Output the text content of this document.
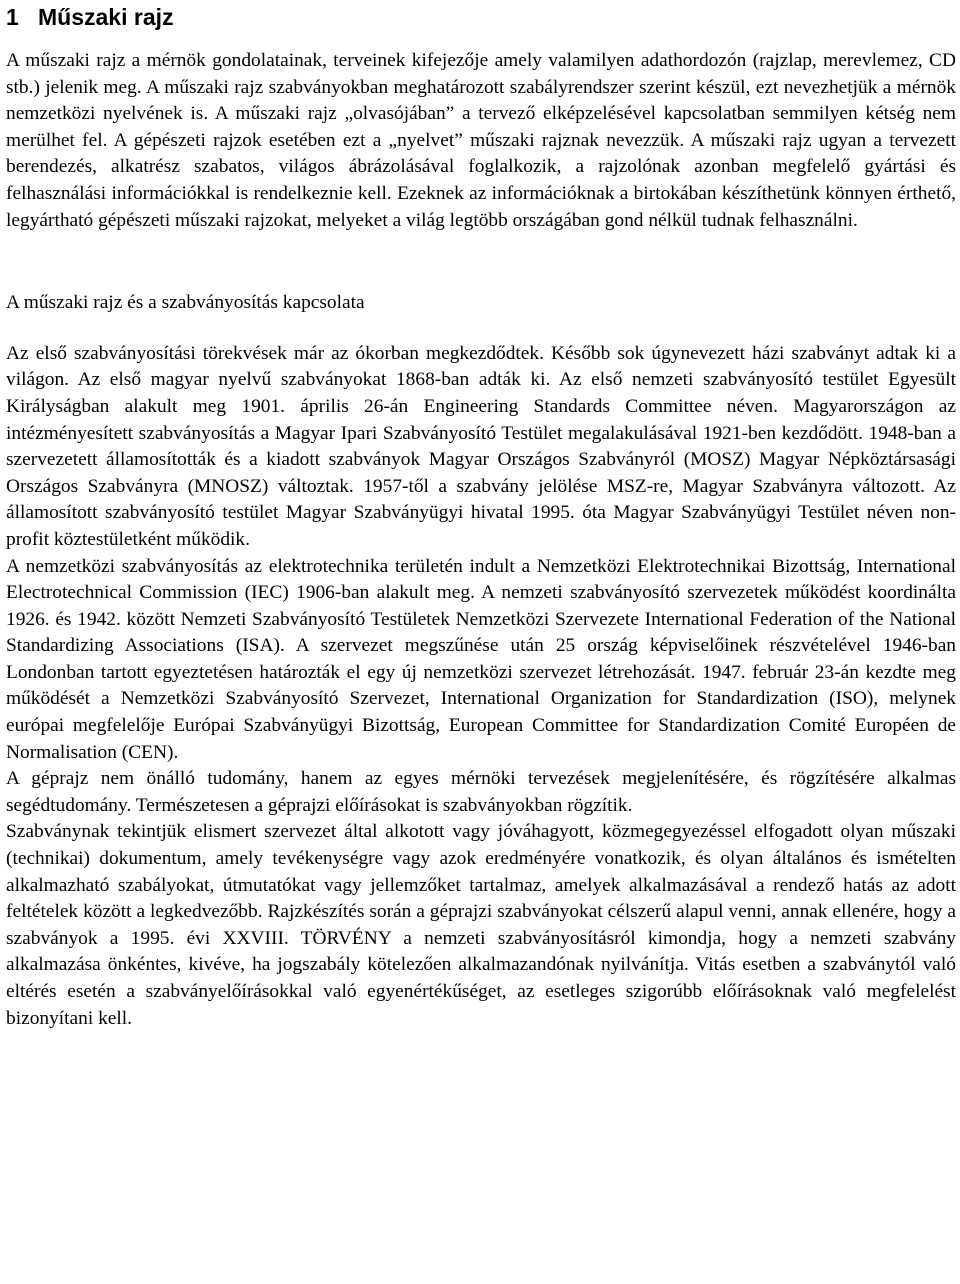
1 Műszaki rajz

A műszaki rajz a mérnök gondolatainak, terveinek kifejezője amely valamilyen adathordozón (rajzlap, merevlemez, CD stb.) jelenik meg. A műszaki rajz szabványokban meghatározott szabályrendszer szerint készül, ezt nevezhetjük a mérnök nemzetközi nyelvének is. A műszaki rajz „olvasójában” a tervező elképzelésével kapcsolatban semmilyen kétség nem merülhet fel. A gépészeti rajzok esetében ezt a „nyelvet” műszaki rajznak nevezzük. A műszaki rajz ugyan a tervezett berendezés, alkatrész szabatos, világos ábrázolásával foglalkozik, a rajzolónak azonban megfelelő gyártási és felhasználási információkkal is rendelkeznie kell. Ezeknek az információknak a birtokában készíthetünk könnyen érthető, legyártható gépészeti műszaki rajzokat, melyeket a világ legtöbb országában gond nélkül tudnak felhasználni.

A műszaki rajz és a szabványosítás kapcsolata

Az első szabványosítási törekvések már az ókorban megkezdődtek. Később sok úgynevezett házi szabványt adtak ki a világon. Az első magyar nyelvű szabványokat 1868-ban adták ki. Az első nemzeti szabványosító testület Egyesült Királyságban alakult meg 1901. április 26-án Engineering Standards Committee néven. Magyarországon az intézményesített szabványosítás a Magyar Ipari Szabványosító Testület megalakulásával 1921-ben kezdődött. 1948-ban a szervezetett államosították és a kiadott szabványok Magyar Országos Szabványról (MOSZ) Magyar Népköztársasági Országos Szabványra (MNOSZ) változtak. 1957-től a szabvány jelölése MSZ-re, Magyar Szabványra változott. Az államosított szabványosító testület Magyar Szabványügyi hivatal 1995. óta Magyar Szabványügyi Testület néven non-profit köztestületként működik.

A nemzetközi szabványosítás az elektrotechnika területén indult a Nemzetközi Elektrotechnikai Bizottság, International Electrotechnical Commission (IEC) 1906-ban alakult meg. A nemzeti szabványosító szervezetek működést koordinálta 1926. és 1942. között Nemzeti Szabványosító Testületek Nemzetközi Szervezete International Federation of the National Standardizing Associations (ISA). A szervezet megszűnése után 25 ország képviselőinek részvételével 1946-ban Londonban tartott egyeztetésen határozták el egy új nemzetközi szervezet létrehozását. 1947. február 23-án kezdte meg működését a Nemzetközi Szabványosító Szervezet, International Organization for Standardization (ISO), melynek európai megfelelője Európai Szabványügyi Bizottság, European Committee for Standardization Comité Européen de Normalisation (CEN).

A géprajz nem önálló tudomány, hanem az egyes mérnöki tervezések megjelenítésére, és rögzítésére alkalmas segédtudomány. Természetesen a géprajzi előírásokat is szabványokban rögzítik.

Szabványnak tekintjük elismert szervezet által alkotott vagy jóváhagyott, közmegegyezéssel elfogadott olyan műszaki (technikai) dokumentum, amely tevékenységre vagy azok eredményére vonatkozik, és olyan általános és ismételten alkalmazható szabályokat, útmutatókat vagy jellemzőket tartalmaz, amelyek alkalmazásával a rendező hatás az adott feltételek között a legkedvezőbb. Rajzkészítés során a géprajzi szabványokat célszerű alapul venni, annak ellenére, hogy a szabványok a 1995. évi XXVIII. TÖRVÉNY a nemzeti szabványosításról kimondja, hogy a nemzeti szabvány alkalmazása önkéntes, kivéve, ha jogszabály kötelezően alkalmazandónak nyilvánítja. Vitás esetben a szabványtól való eltérés esetén a szabványelőírásokkal való egyenértékűséget, az esetleges szigorúbb előírásoknak való megfelelést bizonyítani kell.
